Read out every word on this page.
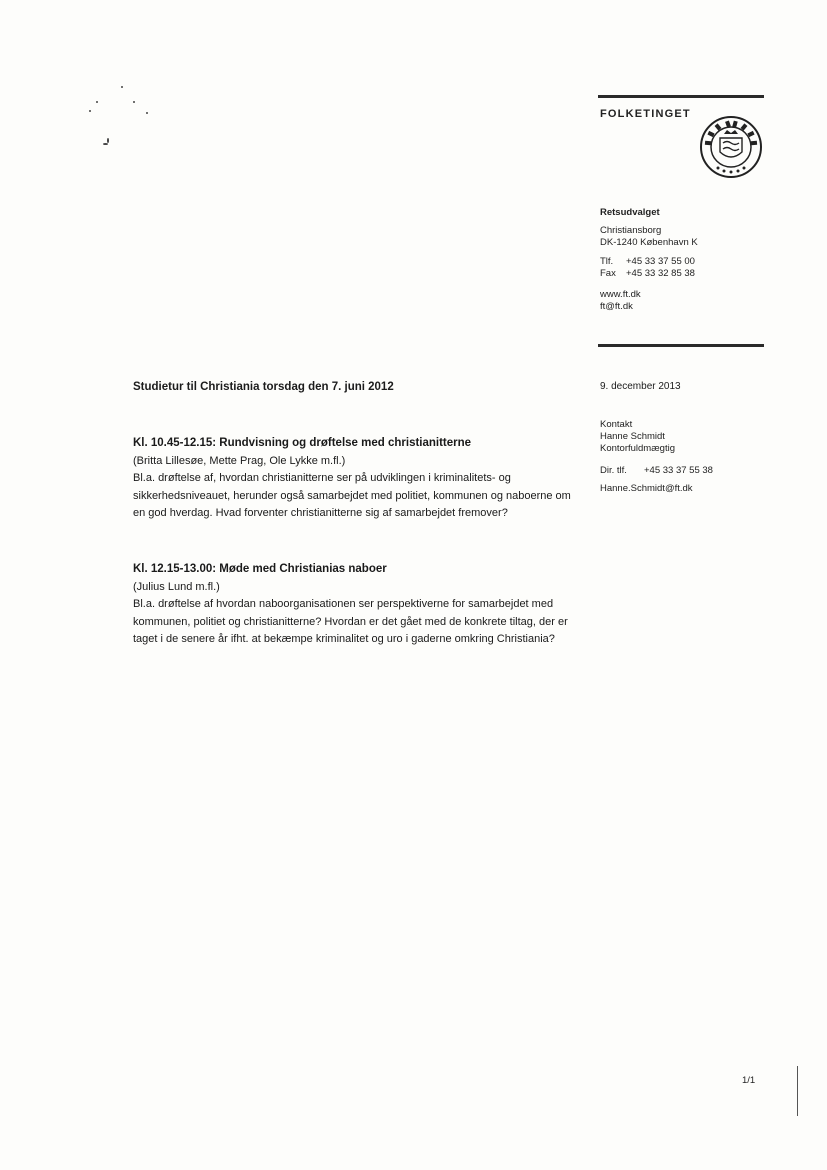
FOLKETINGET
Retsudvalget
Christiansborg
DK-1240 København K
Tlf.	+45 33 37 55 00
Fax	+45 33 32 85 38
www.ft.dk
ft@ft.dk
9. december 2013
Kontakt
Hanne Schmidt
Kontorfuldmægtig
Dir. tlf.	+45 33 37 55 38
Hanne.Schmidt@ft.dk
Studietur til Christiania torsdag den 7. juni 2012
Kl. 10.45-12.15: Rundvisning og drøftelse med christianitterne
(Britta Lillesøe, Mette Prag, Ole Lykke m.fl.)
Bl.a. drøftelse af, hvordan christianitterne ser på udviklingen i kriminalitets- og sikkerhedsniveauet, herunder også samarbejdet med politiet, kommunen og naboerne om en god hverdag. Hvad forventer christianitterne sig af samarbejdet fremover?
Kl. 12.15-13.00: Møde med Christianias naboer
(Julius Lund m.fl.)
Bl.a. drøftelse af hvordan naboorganisationen ser perspektiverne for samarbejdet med kommunen, politiet og christianitterne? Hvordan er det gået med de konkrete tiltag, der er taget i de senere år ifht. at bekæmpe kriminalitet og uro i gaderne omkring Christiania?
1/1
